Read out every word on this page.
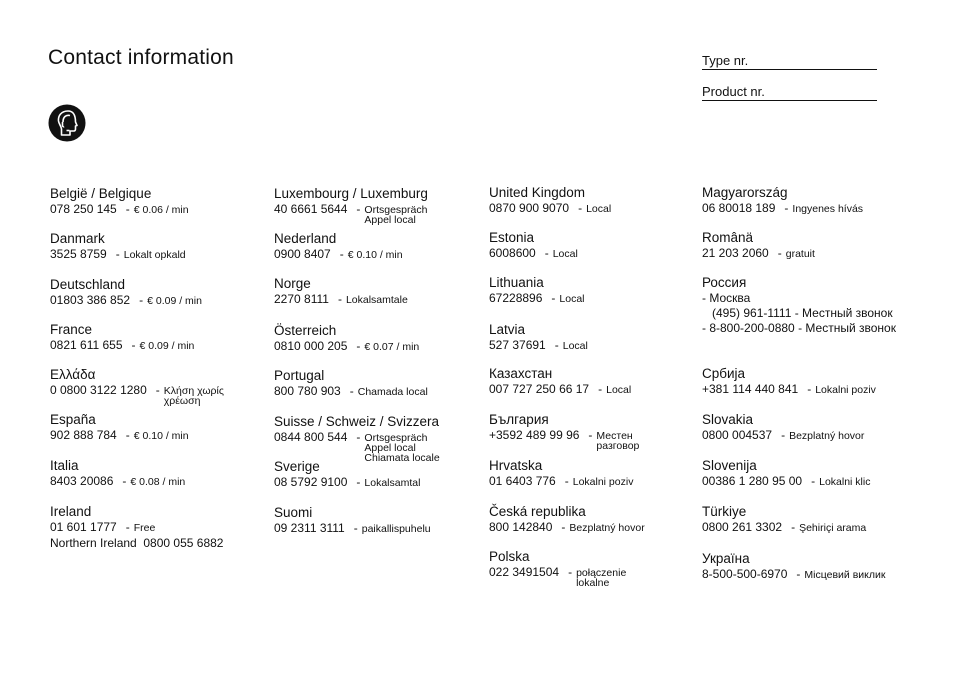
Contact information	Type nr.
Product nr.
België / Belgique
078 250 145 - € 0.06 / min
Danmark
3525 8759 - Lokalt opkald
Deutschland
01803 386 852 - € 0.09 / min
France
0821 611 655 - € 0.09 / min
Ελλάδα
0 0800 3122 1280 - Κλήση χωρίς
χρέωση
España
902 888 784 - € 0.10 / min
Italia
8403 20086 - € 0.08 / min
Ireland
01 601 1777 - Free
Northern Ireland  0800 055 6882
Luxembourg / Luxemburg
40 6661 5644 - Ortsgespräch
Appel local
Nederland
0900 8407 - € 0.10 / min
Norge
2270 8111 - Lokalsamtale
Österreich
0810 000 205 - € 0.07 / min
Portugal
800 780 903 - Chamada local
Suisse / Schweiz / Svizzera
0844 800 544 - Ortsgespräch
Appel local
Chiamata locale
Sverige
08 5792 9100 - Lokalsamtal
Suomi
09 2311 3111 - paikallispuhelu
United Kingdom
0870 900 9070 - Local
Estonia
6008600 - Local
Lithuania
67228896 - Local
Latvia
527 37691 - Local
Казахстан
007 727 250 66 17 - Local
България
+3592 489 99 96 - Местен
разговор
Hrvatska
01 6403 776 - Lokalni poziv
Česká republika
800 142840 - Bezplatný hovor
Polska
022 3491504 - połączenie
lokalne
Magyarország
06 80018 189 - Ingyenes hívás
Românä
21 203 2060 - gratuit
Россия
- Москва
(495) 961-1111 - Местный звонок
- 8-800-200-0880 - Местный звонок
Србија
+381 114 440 841 - Lokalni poziv
Slovakia
0800 004537 - Bezplatný hovor
Slovenija
00386 1 280 95 00 - Lokalni klic
Türkiye
0800 261 3302 - Şehiriçi arama
Україна
8-500-500-6970 - Місцевий виклик
